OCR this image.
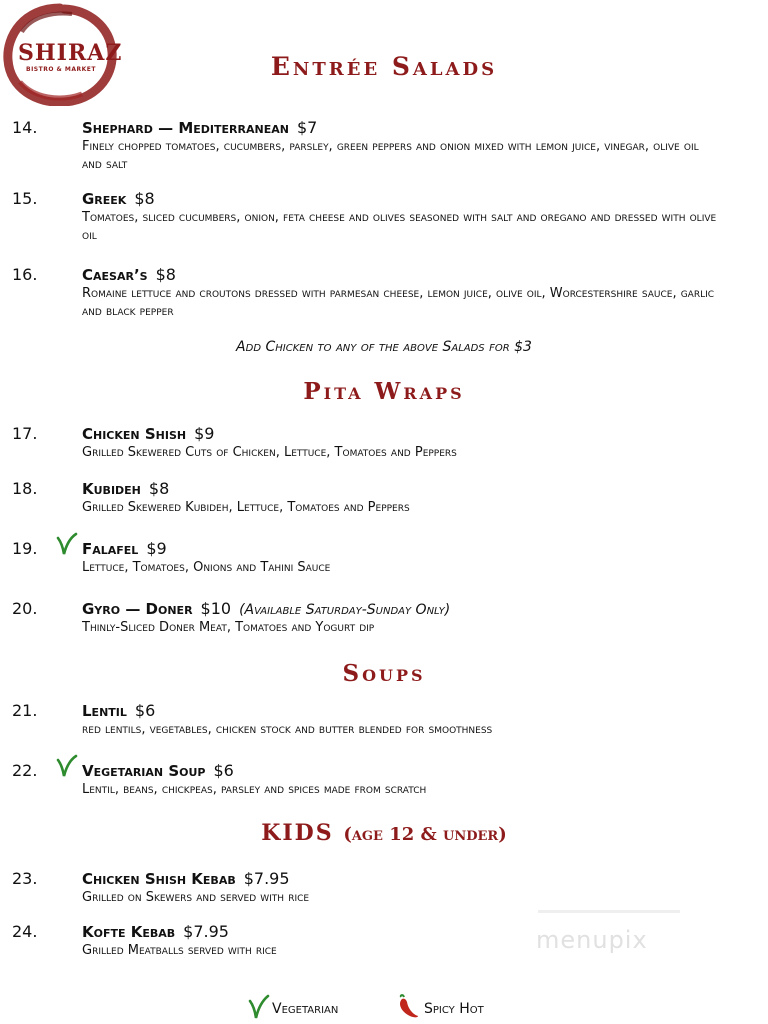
SHIRAZ
BISTRO & MARKET	Entrée Salads
Pita Wraps
Soups
KIDS (age 12 & under)
14.	Shephard — Mediterranean $7
Finely chopped tomatoes, cucumbers, parsley, green peppers and onion mixed with lemon juice, vinegar, olive oil and salt
15.	Greek $8
Tomatoes, sliced cucumbers, onion, feta cheese and olives seasoned with salt and oregano and dressed with olive oil
16.	Caesar’s $8
Romaine lettuce and croutons dressed with parmesan cheese, lemon juice, olive oil, Worcestershire sauce, garlic and black pepper
Add Chicken to any of the above Salads for $3
17.	Chicken Shish $9
Grilled Skewered Cuts of Chicken, Lettuce, Tomatoes and Peppers
18.	Kubideh $8
Grilled Skewered Kubideh, Lettuce, Tomatoes and Peppers
19.	Falafel $9
Lettuce, Tomatoes, Onions and Tahini Sauce
20.	Gyro — Doner $10 (Available Saturday-Sunday Only)
Thinly-Sliced Doner Meat, Tomatoes and Yogurt dip
21.	Lentil $6
red lentils, vegetables, chicken stock and butter blended for smoothness
22.	Vegetarian Soup $6
Lentil, beans, chickpeas, parsley and spices made from scratch
23.	Chicken Shish Kebab $7.95
Grilled on Skewers and served with rice
24.	Kofte Kebab $7.95
Grilled Meatballs served with rice	menupix
Vegetarian	Spicy Hot
